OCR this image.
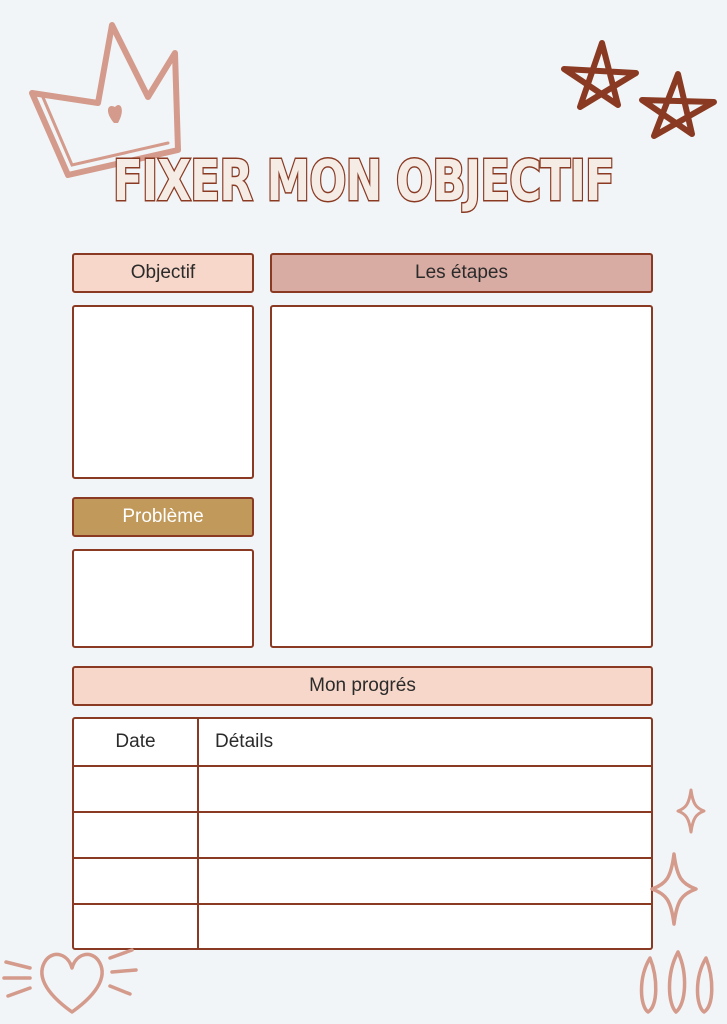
FIXER MON OBJECTIF
Objectif	Les étapes
Problème
Mon progrés
Date	Détails
